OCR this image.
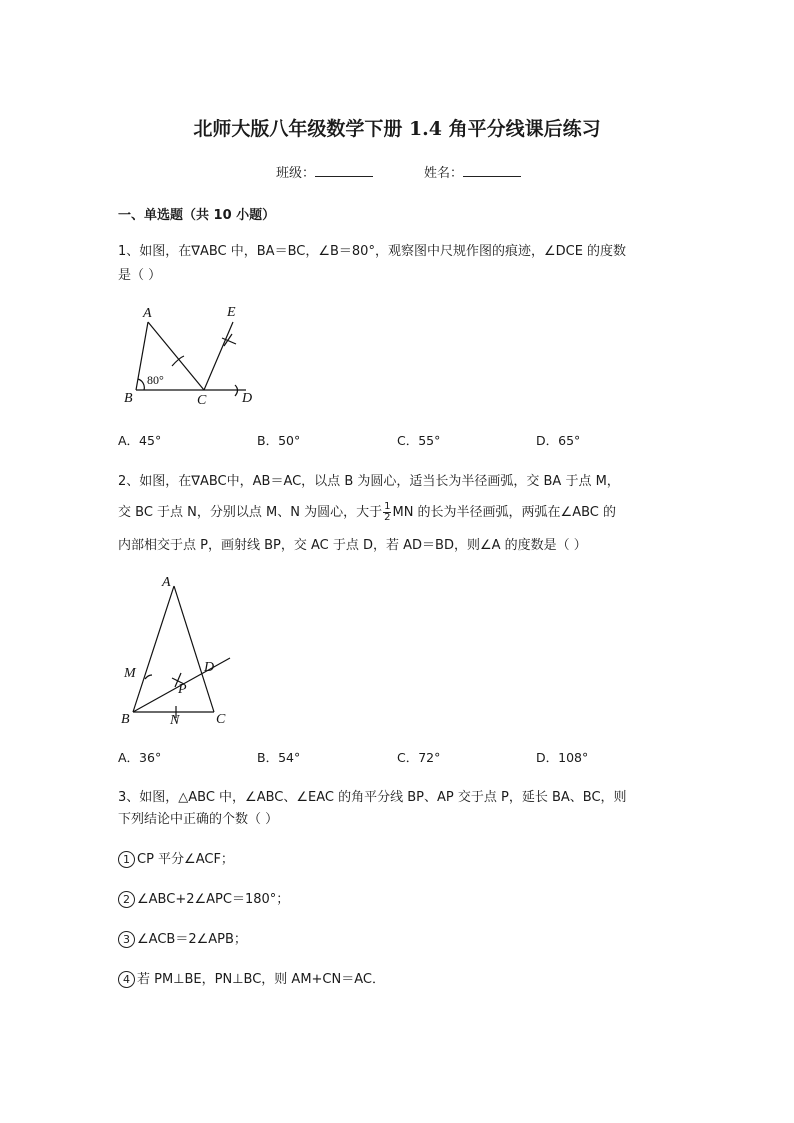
北师大版八年级数学下册 1.4 角平分线课后练习
班级：	姓名：
一、单选题（共 10 小题）
1、如图，在∇ABC 中，BA＝BC，∠B＝80°，观察图中尺规作图的痕迹，∠DCE 的度数
是（ ）
A	E
B	C	D
80°
A．45°	B．50°	C．55°	D．65°
2、如图，在∇ABC中，AB＝AC，以点 B 为圆心，适当长为半径画弧，交 BA 于点 M，
交 BC 于点 N，分别以点 M、N 为圆心，大于 $\frac{1}{2}$ MN 的长为半径画弧，两弧在∠ABC 的
内部相交于点 P，画射线 BP，交 AC 于点 D，若 AD＝BD，则∠A 的度数是（ ）
A
M	D
P
B	N	C
A．36°	B．54°	C．72°	D．108°
3、如图，△ABC 中，∠ABC、∠EAC 的角平分线 BP、AP 交于点 P，延长 BA、BC，则
下列结论中正确的个数（ ）
1 CP 平分∠ACF；
2 ∠ABC+2∠APC＝180°；
3 ∠ACB＝2∠APB；
4 若 PM⊥BE，PN⊥BC，则 AM+CN＝AC．
